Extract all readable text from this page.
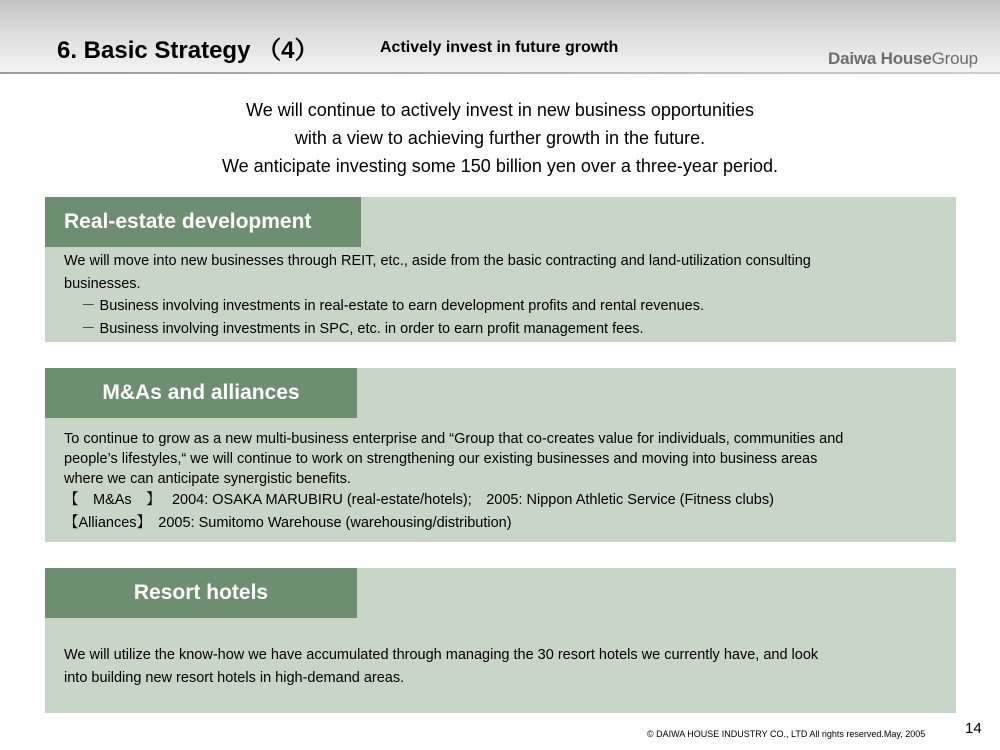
6. Basic Strategy （4）	Actively invest in future growth
Daiwa HouseGroup
We will continue to actively invest in new business opportunities
with a view to achieving further growth in the future.
We anticipate investing some 150 billion yen over a three-year period.
Real-estate development
We will move into new businesses through REIT, etc., aside from the basic contracting and land-utilization consulting
businesses.
－ Business involving investments in real-estate to earn development profits and rental revenues.
－ Business involving investments in SPC, etc. in order to earn profit management fees.
M&As and alliances
To continue to grow as a new multi-business enterprise and “Group that co-creates value for individuals, communities and
people’s lifestyles,“ we will continue to work on strengthening our existing businesses and moving into business areas
where we can anticipate synergistic benefits.
【　M&As　】　 2004: OSAKA MARUBIRU (real-estate/hotels);　2005: Nippon Athletic Service (Fitness clubs)
【Alliances】　2005: Sumitomo Warehouse (warehousing/distribution)
Resort hotels
We will utilize the know-how we have accumulated through managing the 30 resort hotels we currently have, and look
into building new resort hotels in high-demand areas.
© DAIWA HOUSE INDUSTRY CO., LTD All rights reserved.May, 2005	14
